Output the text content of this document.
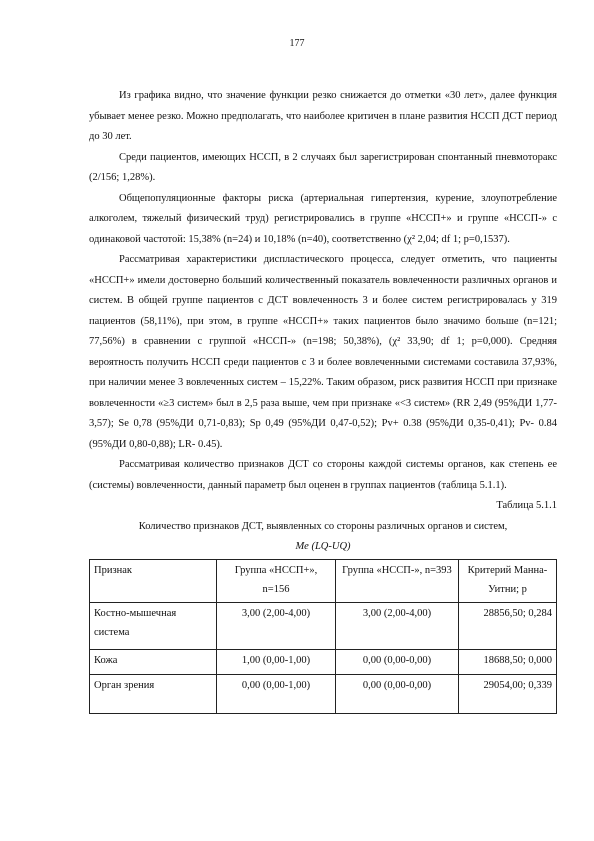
177

Из графика видно, что значение функции резко снижается до отметки «30 лет», далее функция убывает менее резко. Можно предполагать, что наиболее критичен в плане развития НССП ДСТ период до 30 лет.

Среди пациентов, имеющих НССП, в 2 случаях был зарегистрирован спонтанный пневмоторакс (2/156; 1,28%).

Общепопуляционные факторы риска (артериальная гипертензия, курение, злоупотребление алкоголем, тяжелый физический труд) регистрировались в группе «НССП+» и группе «НССП-» с одинаковой частотой: 15,38% (n=24) и 10,18% (n=40), соответственно (χ² 2,04; df 1; p=0,1537).

Рассматривая характеристики диспластического процесса, следует отметить, что пациенты «НССП+» имели достоверно больший количественный показатель вовлеченности различных органов и систем. В общей группе пациентов с ДСТ вовлеченность 3 и более систем регистрировалась у 319 пациентов (58,11%), при этом, в группе «НССП+» таких пациентов было значимо больше (n=121; 77,56%) в сравнении с группой «НССП-» (n=198; 50,38%), (χ² 33,90; df 1; p=0,000). Средняя вероятность получить НССП среди пациентов с 3 и более вовлеченными системами составила 37,93%, при наличии менее 3 вовлеченных систем – 15,22%. Таким образом, риск развития НССП при признаке вовлеченности «≥3 систем» был в 2,5 раза выше, чем при признаке «<3 систем» (RR 2,49 (95%ДИ 1,77-3,57); Se 0,78 (95%ДИ 0,71-0,83); Sp 0,49 (95%ДИ 0,47-0,52); Pv+ 0.38 (95%ДИ 0,35-0,41); Pv- 0.84 (95%ДИ 0,80-0,88); LR- 0.45).

Рассматривая количество признаков ДСТ со стороны каждой системы органов, как степень ее (системы) вовлеченности, данный параметр был оценен в группах пациентов (таблица 5.1.1).

Таблица 5.1.1

Количество признаков ДСТ, выявленных со стороны различных органов и систем,

Me (LQ-UQ)

Признак	Группа «НССП+», n=156	Группа «НССП-», n=393	Критерий Манна-Уитни; p
Костно-мышечная система	3,00 (2,00-4,00)	3,00 (2,00-4,00)	28856,50; 0,284
Кожа	1,00 (0,00-1,00)	0,00 (0,00-0,00)	18688,50; 0,000
Орган зрения	0,00 (0,00-1,00)	0,00 (0,00-0,00)	29054,00; 0,339
